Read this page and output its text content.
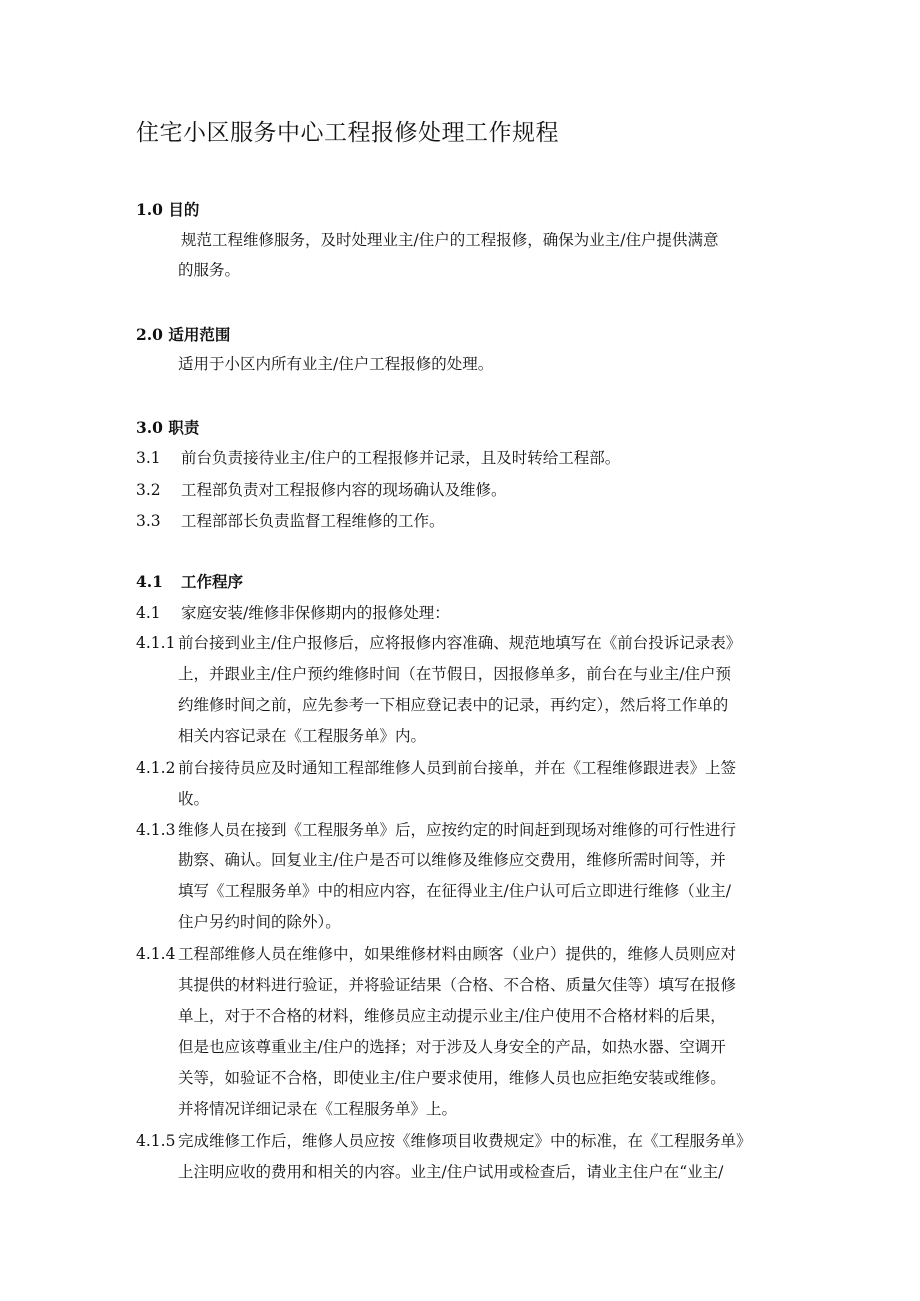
住宅小区服务中心工程报修处理工作规程
1.0 目的
规范工程维修服务，及时处理业主/住户的工程报修，确保为业主/住户提供满意
的服务。
2.0 适用范围
适用于小区内所有业主/住户工程报修的处理。
3.0 职责
3.1 前台负责接待业主/住户的工程报修并记录，且及时转给工程部。
3.2 工程部负责对工程报修内容的现场确认及维修。
3.3 工程部部长负责监督工程维修的工作。
4.1 工作程序
4.1 家庭安装/维修非保修期内的报修处理：
4.1.1 前台接到业主/住户报修后，应将报修内容准确、规范地填写在《前台投诉记录表》
上，并跟业主/住户预约维修时间（在节假日，因报修单多，前台在与业主/住户预
约维修时间之前，应先参考一下相应登记表中的记录，再约定），然后将工作单的
相关内容记录在《工程服务单》内。
4.1.2 前台接待员应及时通知工程部维修人员到前台接单，并在《工程维修跟进表》上签
收。
4.1.3 维修人员在接到《工程服务单》后，应按约定的时间赶到现场对维修的可行性进行
勘察、确认。回复业主/住户是否可以维修及维修应交费用，维修所需时间等，并
填写《工程服务单》中的相应内容，在征得业主/住户认可后立即进行维修（业主/
住户另约时间的除外）。
4.1.4 工程部维修人员在维修中，如果维修材料由顾客（业户）提供的，维修人员则应对
其提供的材料进行验证，并将验证结果（合格、不合格、质量欠佳等）填写在报修
单上，对于不合格的材料，维修员应主动提示业主/住户使用不合格材料的后果，
但是也应该尊重业主/住户的选择；对于涉及人身安全的产品，如热水器、空调开
关等，如验证不合格，即使业主/住户要求使用，维修人员也应拒绝安装或维修。
并将情况详细记录在《工程服务单》上。
4.1.5 完成维修工作后，维修人员应按《维修项目收费规定》中的标准，在《工程服务单》
上注明应收的费用和相关的内容。业主/住户试用或检查后，请业主住户在“业主/
